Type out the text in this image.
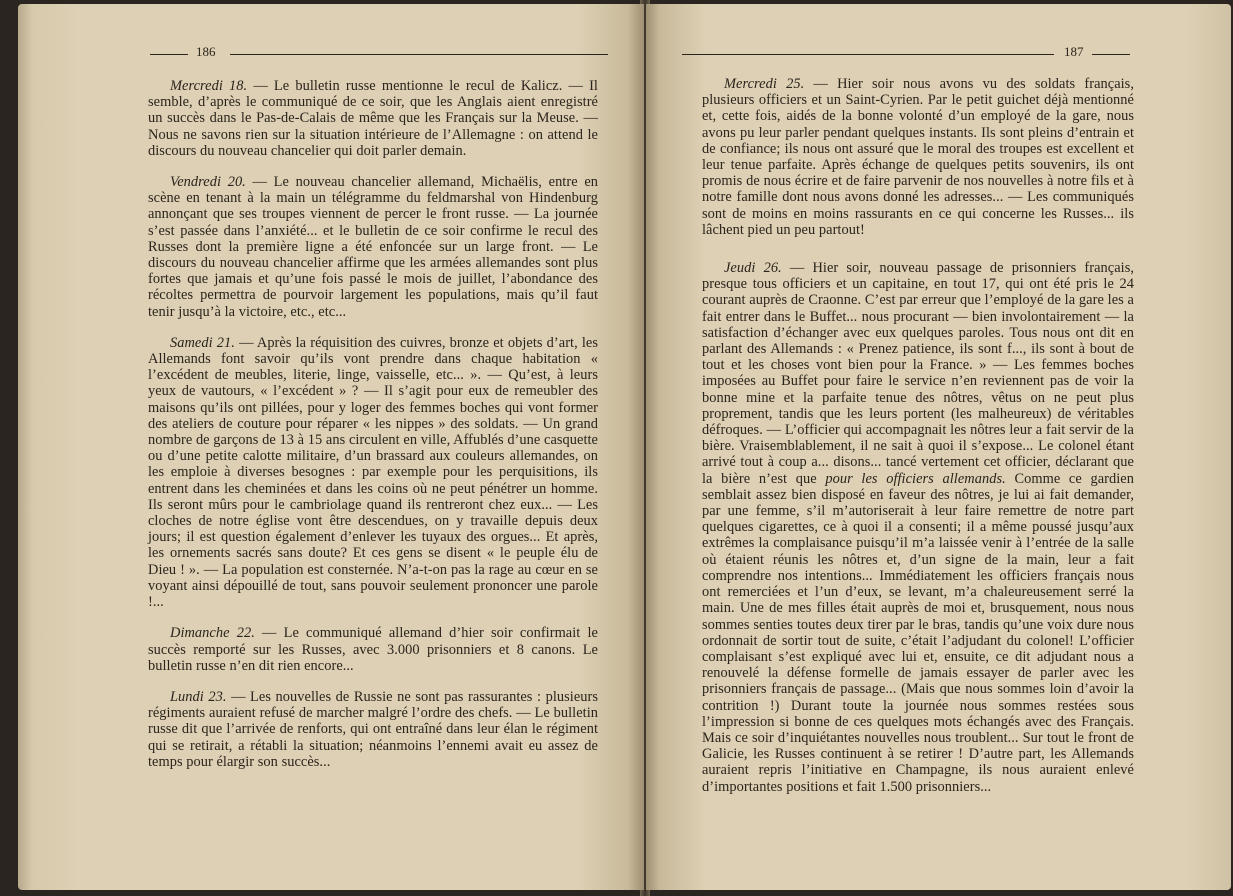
186

Mercredi 18. — Le bulletin russe mentionne le recul de Kalicz. — Il semble, d’après le communiqué de ce soir, que les Anglais aient enregistré un succès dans le Pas-de-Calais de même que les Français sur la Meuse. — Nous ne savons rien sur la situation intérieure de l’Allemagne : on attend le discours du nouveau chancelier qui doit parler demain.

Vendredi 20. — Le nouveau chancelier allemand, Michaëlis, entre en scène en tenant à la main un télégramme du feldmarshal von Hindenburg annonçant que ses troupes viennent de percer le front russe. — La journée s’est passée dans l’anxiété... et le bulletin de ce soir confirme le recul des Russes dont la première ligne a été enfoncée sur un large front. — Le discours du nouveau chancelier affirme que les armées allemandes sont plus fortes que jamais et qu’une fois passé le mois de juillet, l’abondance des récoltes permettra de pourvoir largement les populations, mais qu’il faut tenir jusqu’à la victoire, etc., etc...

Samedi 21. — Après la réquisition des cuivres, bronze et objets d’art, les Allemands font savoir qu’ils vont prendre dans chaque habitation « l’excédent de meubles, literie, linge, vaisselle, etc... ». — Qu’est, à leurs yeux de vautours, « l’excédent » ? — Il s’agit pour eux de remeubler des maisons qu’ils ont pillées, pour y loger des femmes boches qui vont former des ateliers de couture pour réparer « les nippes » des soldats. — Un grand nombre de garçons de 13 à 15 ans circulent en ville, Affublés d’une casquette ou d’une petite calotte militaire, d’un brassard aux couleurs allemandes, on les emploie à diverses besognes : par exemple pour les perquisitions, ils entrent dans les cheminées et dans les coins où ne peut pénétrer un homme. Ils seront mûrs pour le cambriolage quand ils rentreront chez eux... — Les cloches de notre église vont être descendues, on y travaille depuis deux jours; il est question également d’enlever les tuyaux des orgues... Et après, les ornements sacrés sans doute? Et ces gens se disent « le peuple élu de Dieu ! ». — La population est consternée. N’a-t-on pas la rage au cœur en se voyant ainsi dépouillé de tout, sans pouvoir seulement prononcer une parole !...

Dimanche 22. — Le communiqué allemand d’hier soir confirmait le succès remporté sur les Russes, avec 3.000 prisonniers et 8 canons. Le bulletin russe n’en dit rien encore...

Lundi 23. — Les nouvelles de Russie ne sont pas rassurantes : plusieurs régiments auraient refusé de marcher malgré l’ordre des chefs. — Le bulletin russe dit que l’arrivée de renforts, qui ont entraîné dans leur élan le régiment qui se retirait, a rétabli la situation; néanmoins l’ennemi avait eu assez de temps pour élargir son succès...

187

Mercredi 25. — Hier soir nous avons vu des soldats français, plusieurs officiers et un Saint-Cyrien. Par le petit guichet déjà mentionné et, cette fois, aidés de la bonne volonté d’un employé de la gare, nous avons pu leur parler pendant quelques instants. Ils sont pleins d’entrain et de confiance; ils nous ont assuré que le moral des troupes est excellent et leur tenue parfaite. Après échange de quelques petits souvenirs, ils ont promis de nous écrire et de faire parvenir de nos nouvelles à notre fils et à notre famille dont nous avons donné les adresses... — Les communiqués sont de moins en moins rassurants en ce qui concerne les Russes... ils lâchent pied un peu partout!

Jeudi 26. — Hier soir, nouveau passage de prisonniers français, presque tous officiers et un capitaine, en tout 17, qui ont été pris le 24 courant auprès de Craonne. C’est par erreur que l’employé de la gare les a fait entrer dans le Buffet... nous procurant — bien involontairement — la satisfaction d’échanger avec eux quelques paroles. Tous nous ont dit en parlant des Allemands : « Prenez patience, ils sont f..., ils sont à bout de tout et les choses vont bien pour la France. » — Les femmes boches imposées au Buffet pour faire le service n’en reviennent pas de voir la bonne mine et la parfaite tenue des nôtres, vêtus on ne peut plus proprement, tandis que les leurs portent (les malheureux) de véritables défroques. — L’officier qui accompagnait les nôtres leur a fait servir de la bière. Vraisemblablement, il ne sait à quoi il s’expose... Le colonel étant arrivé tout à coup a... disons... tancé vertement cet officier, déclarant que la bière n’est que pour les officiers allemands. Comme ce gardien semblait assez bien disposé en faveur des nôtres, je lui ai fait demander, par une femme, s’il m’autoriserait à leur faire remettre de notre part quelques cigarettes, ce à quoi il a consenti; il a même poussé jusqu’aux extrêmes la complaisance puisqu’il m’a laissée venir à l’entrée de la salle où étaient réunis les nôtres et, d’un signe de la main, leur a fait comprendre nos intentions... Immédiatement les officiers français nous ont remerciées et l’un d’eux, se levant, m’a chaleureusement serré la main. Une de mes filles était auprès de moi et, brusquement, nous nous sommes senties toutes deux tirer par le bras, tandis qu’une voix dure nous ordonnait de sortir tout de suite, c’était l’adjudant du colonel! L’officier complaisant s’est expliqué avec lui et, ensuite, ce dit adjudant nous a renouvelé la défense formelle de jamais essayer de parler avec les prisonniers français de passage... (Mais que nous sommes loin d’avoir la contrition !) Durant toute la journée nous sommes restées sous l’impression si bonne de ces quelques mots échangés avec des Français. Mais ce soir d’inquiétantes nouvelles nous troublent... Sur tout le front de Galicie, les Russes continuent à se retirer ! D’autre part, les Allemands auraient repris l’initiative en Champagne, ils nous auraient enlevé d’importantes positions et fait 1.500 prisonniers...
